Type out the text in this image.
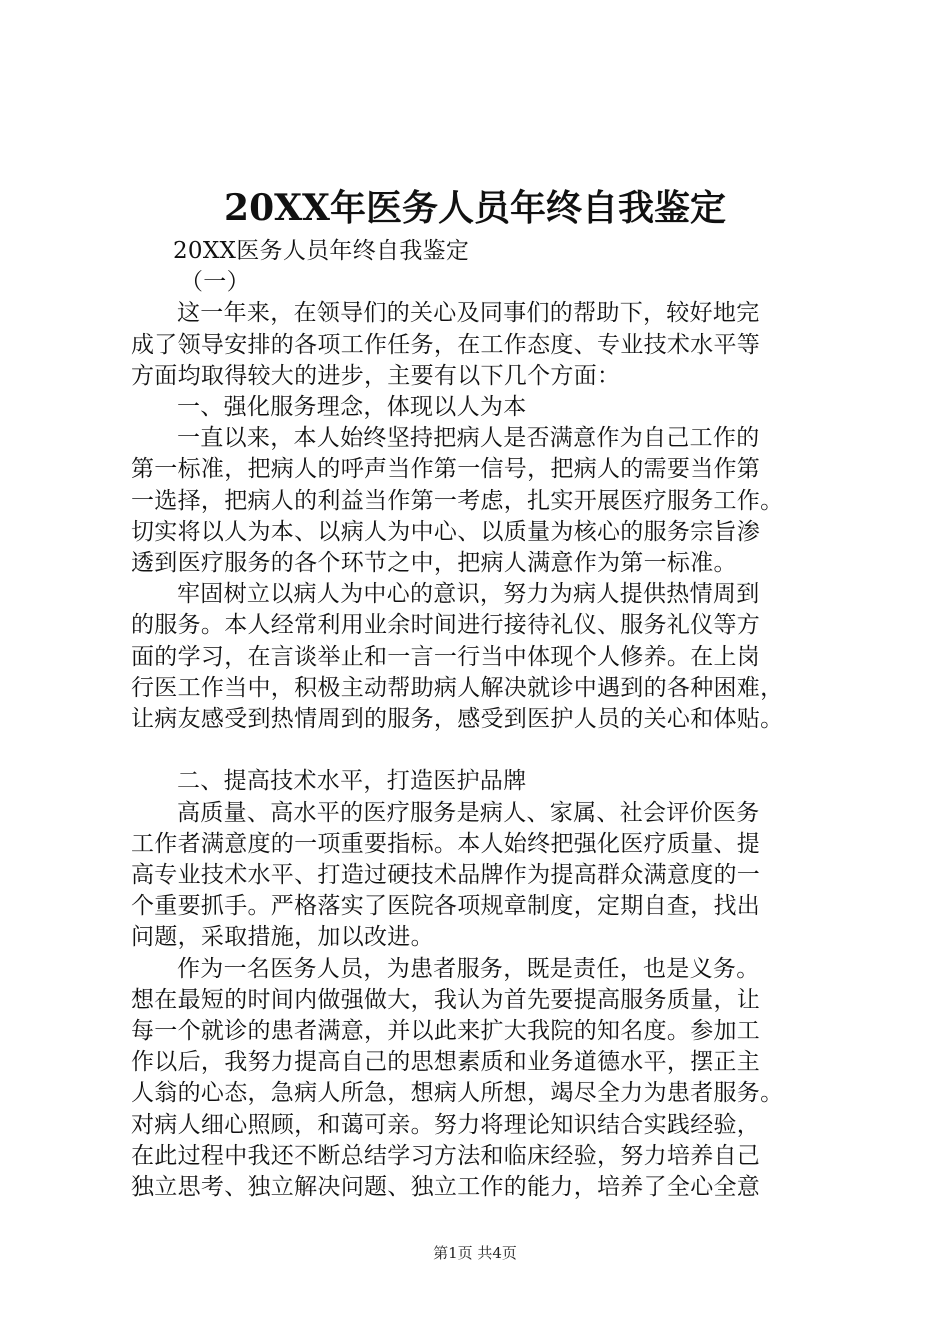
20XX年医务人员年终自我鉴定
20XX医务人员年终自我鉴定
（一）
这一年来，在领导们的关心及同事们的帮助下，较好地完
成了领导安排的各项工作任务，在工作态度、专业技术水平等
方面均取得较大的进步，主要有以下几个方面：
一、强化服务理念，体现以人为本
一直以来，本人始终坚持把病人是否满意作为自己工作的
第一标准，把病人的呼声当作第一信号，把病人的需要当作第
一选择，把病人的利益当作第一考虑，扎实开展医疗服务工作。
切实将以人为本、以病人为中心、以质量为核心的服务宗旨渗
透到医疗服务的各个环节之中，把病人满意作为第一标准。
牢固树立以病人为中心的意识，努力为病人提供热情周到
的服务。本人经常利用业余时间进行接待礼仪、服务礼仪等方
面的学习，在言谈举止和一言一行当中体现个人修养。在上岗
行医工作当中，积极主动帮助病人解决就诊中遇到的各种困难，
让病友感受到热情周到的服务，感受到医护人员的关心和体贴。
二、提高技术水平，打造医护品牌
高质量、高水平的医疗服务是病人、家属、社会评价医务
工作者满意度的一项重要指标。本人始终把强化医疗质量、提
高专业技术水平、打造过硬技术品牌作为提高群众满意度的一
个重要抓手。严格落实了医院各项规章制度，定期自查，找出
问题，采取措施，加以改进。
作为一名医务人员，为患者服务，既是责任，也是义务。
想在最短的时间内做强做大，我认为首先要提高服务质量，让
每一个就诊的患者满意，并以此来扩大我院的知名度。参加工
作以后，我努力提高自己的思想素质和业务道德水平，摆正主
人翁的心态，急病人所急，想病人所想，竭尽全力为患者服务。
对病人细心照顾，和蔼可亲。努力将理论知识结合实践经验，
在此过程中我还不断总结学习方法和临床经验，努力培养自己
独立思考、独立解决问题、独立工作的能力，培养了全心全意
第1页 共4页
